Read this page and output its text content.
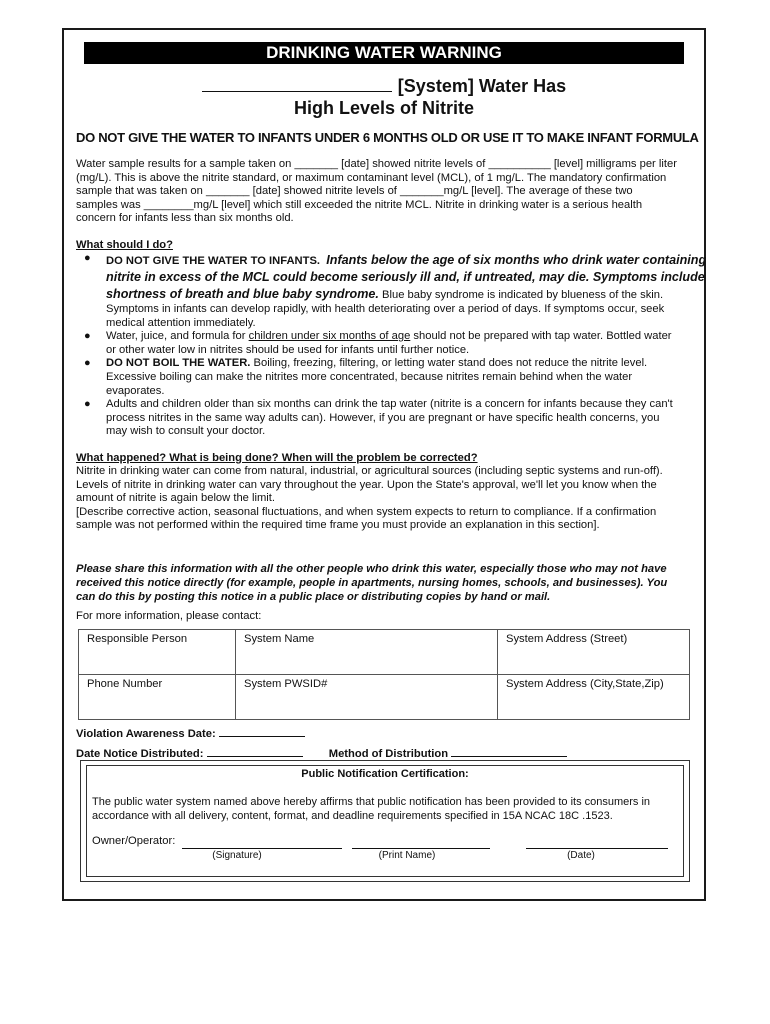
DRINKING WATER WARNING
[System] Water Has
High Levels of Nitrite
DO NOT GIVE THE WATER TO INFANTS UNDER 6 MONTHS OLD OR USE IT TO MAKE INFANT FORMULA
Water sample results for a sample taken on _______ [date] showed nitrite levels of __________ [level] milligrams per liter
(mg/L). This is above the nitrite standard, or maximum contaminant level (MCL), of 1 mg/L. The mandatory confirmation
sample that was taken on _______ [date] showed nitrite levels of _______mg/L [level]. The average of these two
samples was ________mg/L [level] which still exceeded the nitrite MCL. Nitrite in drinking water is a serious health
concern for infants less than six months old.
What should I do?
● DO NOT GIVE THE WATER TO INFANTS. Infants below the age of six months who drink water containing
nitrite in excess of the MCL could become seriously ill and, if untreated, may die. Symptoms include
shortness of breath and blue baby syndrome. Blue baby syndrome is indicated by blueness of the skin.
Symptoms in infants can develop rapidly, with health deteriorating over a period of days. If symptoms occur, seek
medical attention immediately.
● Water, juice, and formula for children under six months of age should not be prepared with tap water. Bottled water
or other water low in nitrites should be used for infants until further notice.
● DO NOT BOIL THE WATER. Boiling, freezing, filtering, or letting water stand does not reduce the nitrite level.
Excessive boiling can make the nitrites more concentrated, because nitrites remain behind when the water
evaporates.
● Adults and children older than six months can drink the tap water (nitrite is a concern for infants because they can't
process nitrites in the same way adults can). However, if you are pregnant or have specific health concerns, you
may wish to consult your doctor.
What happened? What is being done? When will the problem be corrected?
Nitrite in drinking water can come from natural, industrial, or agricultural sources (including septic systems and run-off).
Levels of nitrite in drinking water can vary throughout the year. Upon the State's approval, we'll let you know when the
amount of nitrite is again below the limit.
[Describe corrective action, seasonal fluctuations, and when system expects to return to compliance. If a confirmation
sample was not performed within the required time frame you must provide an explanation in this section].
Please share this information with all the other people who drink this water, especially those who may not have
received this notice directly (for example, people in apartments, nursing homes, schools, and businesses). You
can do this by posting this notice in a public place or distributing copies by hand or mail.
For more information, please contact:
Responsible Person	System Name	System Address (Street)
Phone Number	System PWSID#	System Address (City,State,Zip)
Violation Awareness Date:
Date Notice Distributed:	Method of Distribution
Public Notification Certification:
The public water system named above hereby affirms that public notification has been provided to its consumers in
accordance with all delivery, content, format, and deadline requirements specified in 15A NCAC 18C .1523.
Owner/Operator:
(Signature)	(Print Name)	(Date)
